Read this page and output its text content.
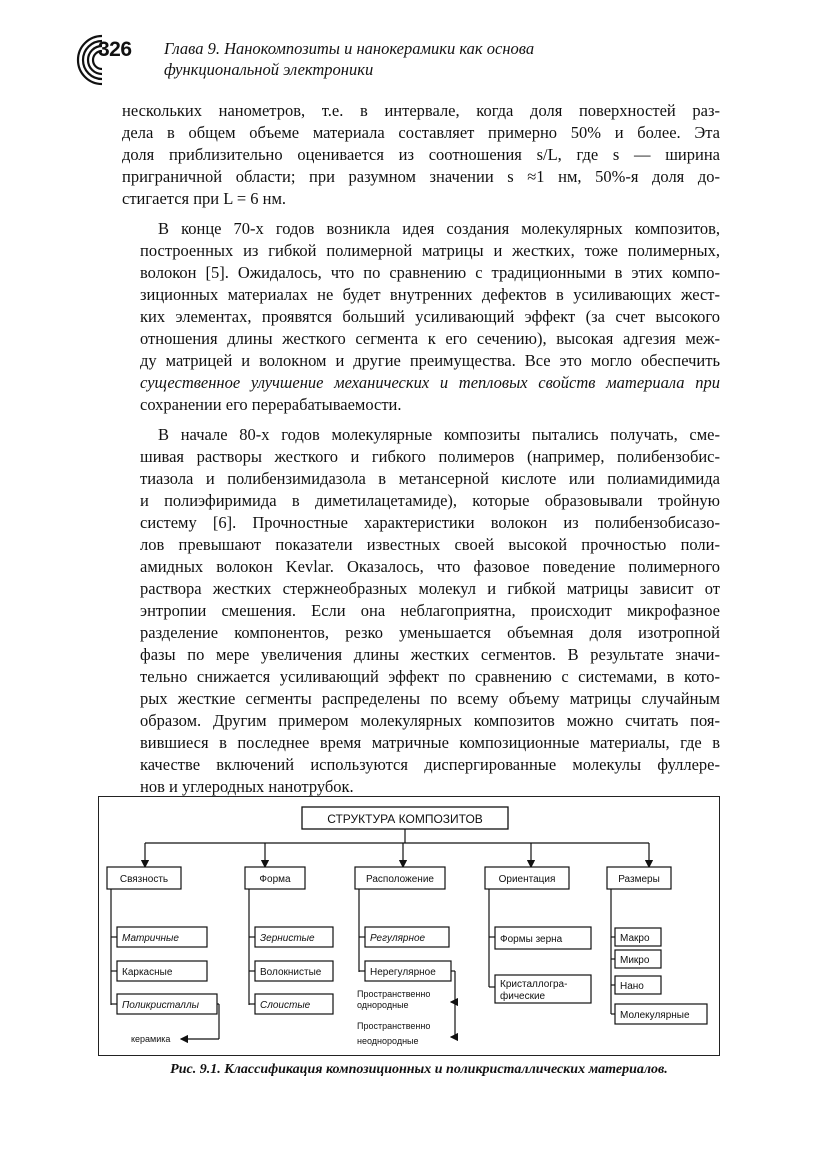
326 Глава 9. Нанокомпозиты и нанокерамики как основа
функциональной электроники

нескольких нанометров, т.е. в интервале, когда доля поверхностей раз-
дела в общем объеме материала составляет примерно 50% и более. Эта
доля приблизительно оценивается из соотношения s/L, где s — ширина
приграничной области; при разумном значении s ≈1 нм, 50%-я доля до-
стигается при L = 6 нм.

В конце 70-х годов возникла идея создания молекулярных композитов,
построенных из гибкой полимерной матрицы и жестких, тоже полимерных,
волокон [5]. Ожидалось, что по сравнению с традиционными в этих компо-
зиционных материалах не будет внутренних дефектов в усиливающих жест-
ких элементах, проявятся больший усиливающий эффект (за счет высокого
отношения длины жесткого сегмента к его сечению), высокая адгезия меж-
ду матрицей и волокном и другие преимущества. Все это могло обеспечить
существенное улучшение механических и тепловых свойств материала при
сохранении его перерабатываемости.

В начале 80-х годов молекулярные композиты пытались получать, сме-
шивая растворы жесткого и гибкого полимеров (например, полибензобис-
тиазола и полибензимидазола в метансерной кислоте или полиамидимида
и полиэфиримида в диметилацетамиде), которые образовывали тройную
систему [6]. Прочностные характеристики волокон из полибензобисазо-
лов превышают показатели известных своей высокой прочностью поли-
амидных волокон Kevlar. Оказалось, что фазовое поведение полимерного
раствора жестких стержнеобразных молекул и гибкой матрицы зависит от
энтропии смешения. Если она неблагоприятна, происходит микрофазное
разделение компонентов, резко уменьшается объемная доля изотропной
фазы по мере увеличения длины жестких сегментов. В результате значи-
тельно снижается усиливающий эффект по сравнению с системами, в кото-
рых жесткие сегменты распределены по всему объему матрицы случайным
образом. Другим примером молекулярных композитов можно считать поя-
вившиеся в последнее время матричные композиционные материалы, где в
качестве включений используются диспергированные молекулы фуллере-
нов и углеродных нанотрубок.

СТРУКТУРА КОМПОЗИТОВ
Связность	Форма	Расположение	Ориентация	Размеры
Матричные
Каркасные
Поликристаллы
керамика
Зернистые
Волокнистые
Слоистые
Регулярное
Нерегулярное
Пространственно
однородные
Пространственно
неоднородные
Формы зерна
Кристаллогра-
фические
Макро
Микро
Нано
Молекулярные
Рис. 9.1. Классификация композиционных и поликристаллических материалов.
